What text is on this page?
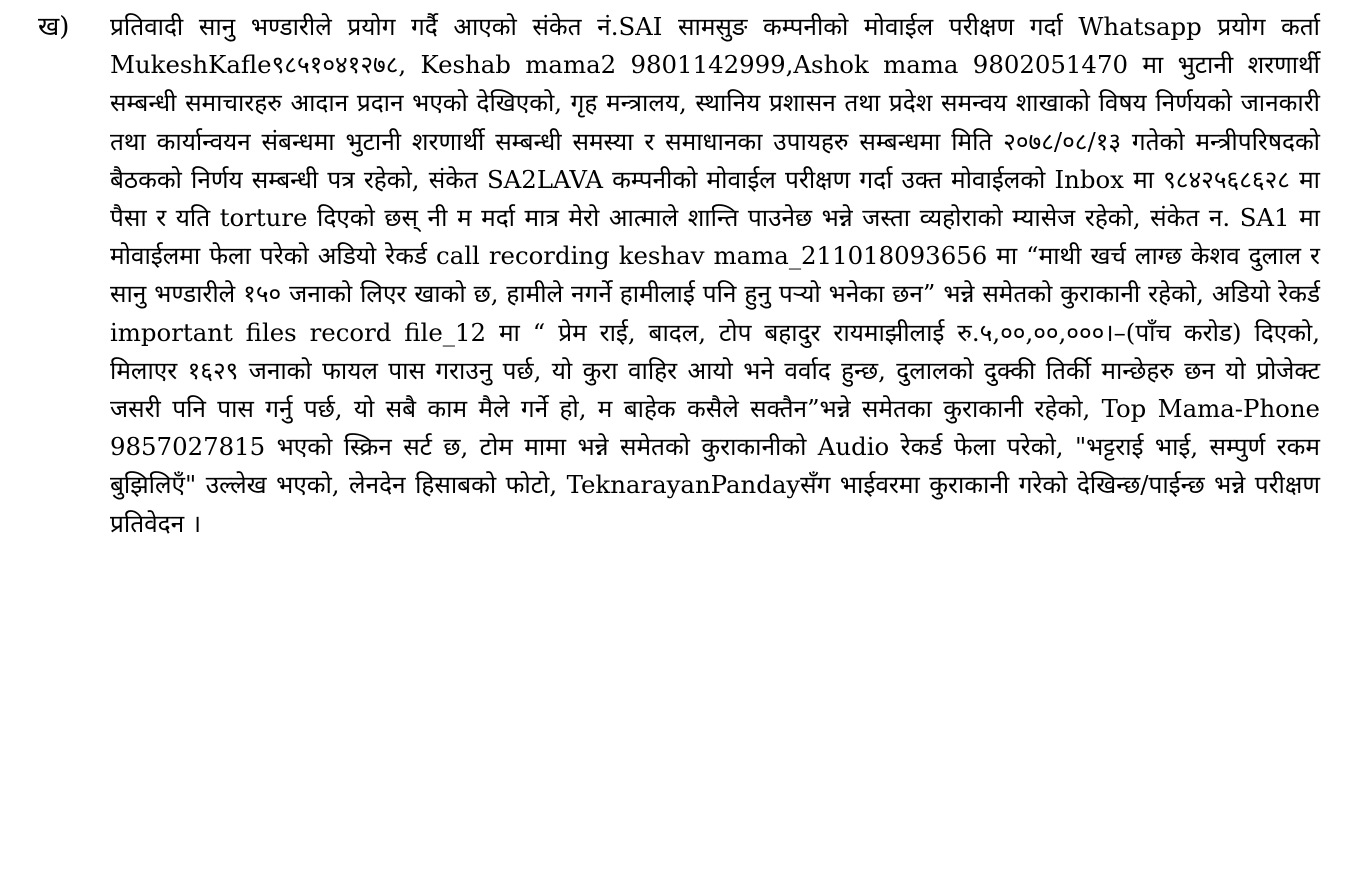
ख) प्रतिवादी सानु भण्डारीले प्रयोग गर्दै आएको संकेत नं.SAI सामसुङ कम्पनीको मोवाईल परीक्षण गर्दा Whatsapp प्रयोग कर्ता MukeshKafle९८५१०४१२७८, Keshab mama2 9801142999,Ashok mama 9802051470 मा भुटानी शरणार्थी सम्बन्धी समाचारहरु आदान प्रदान भएको देखिएको, गृह मन्त्रालय, स्थानिय प्रशासन तथा प्रदेश समन्वय शाखाको विषय निर्णयको जानकारी तथा कार्यान्वयन संबन्धमा भुटानी शरणार्थी सम्बन्धी समस्या र समाधानका उपायहरु सम्बन्धमा मिति २०७८/०८/१३ गतेको मन्त्रीपरिषदको बैठकको निर्णय सम्बन्धी पत्र रहेको, संकेत SA2LAVA कम्पनीको मोवाईल परीक्षण गर्दा उक्त मोवाईलको Inbox मा ९८४२५६८६२८ मा पैसा र यति torture दिएको छस् नी म मर्दा मात्र मेरो आत्माले शान्ति पाउनेछ भन्ने जस्ता व्यहोराको म्यासेज रहेको, संकेत न. SA1 मा मोवाईलमा फेला परेको अडियो रेकर्ड call recording keshav mama_211018093656 मा “माथी खर्च लाग्छ केशव दुलाल र सानु भण्डारीले १५० जनाको लिएर खाको छ, हामीले नगर्ने हामीलाई पनि हुनु पर्‍यो भनेका छन” भन्ने समेतको कुराकानी रहेको, अडियो रेकर्ड important files record file_12 मा “ प्रेम राई, बादल, टोप बहादुर रायमाझीलाई रु.५,००,००,०००।–(पाँच करोड) दिएको, मिलाएर १६२९ जनाको फायल पास गराउनु पर्छ, यो कुरा वाहिर आयो भने वर्वाद हुन्छ, दुलालको दुक्की तिर्की मान्छेहरु छन यो प्रोजेक्ट जसरी पनि पास गर्नु पर्छ, यो सबै काम मैले गर्ने हो, म बाहेक कसैले सक्तैन”भन्ने समेतका कुराकानी रहेको, Top Mama-Phone 9857027815 भएको स्क्रिन सर्ट छ, टोम मामा भन्ने समेतको कुराकानीको Audio रेकर्ड फेला परेको, "भट्टराई भाई, सम्पुर्ण रकम बुझिलिएँ" उल्लेख भएको, लेनदेन हिसाबको फोटो, TeknarayanPandayसँग भाईवरमा कुराकानी गरेको देखिन्छ/पाईन्छ भन्ने परीक्षण प्रतिवेदन ।
